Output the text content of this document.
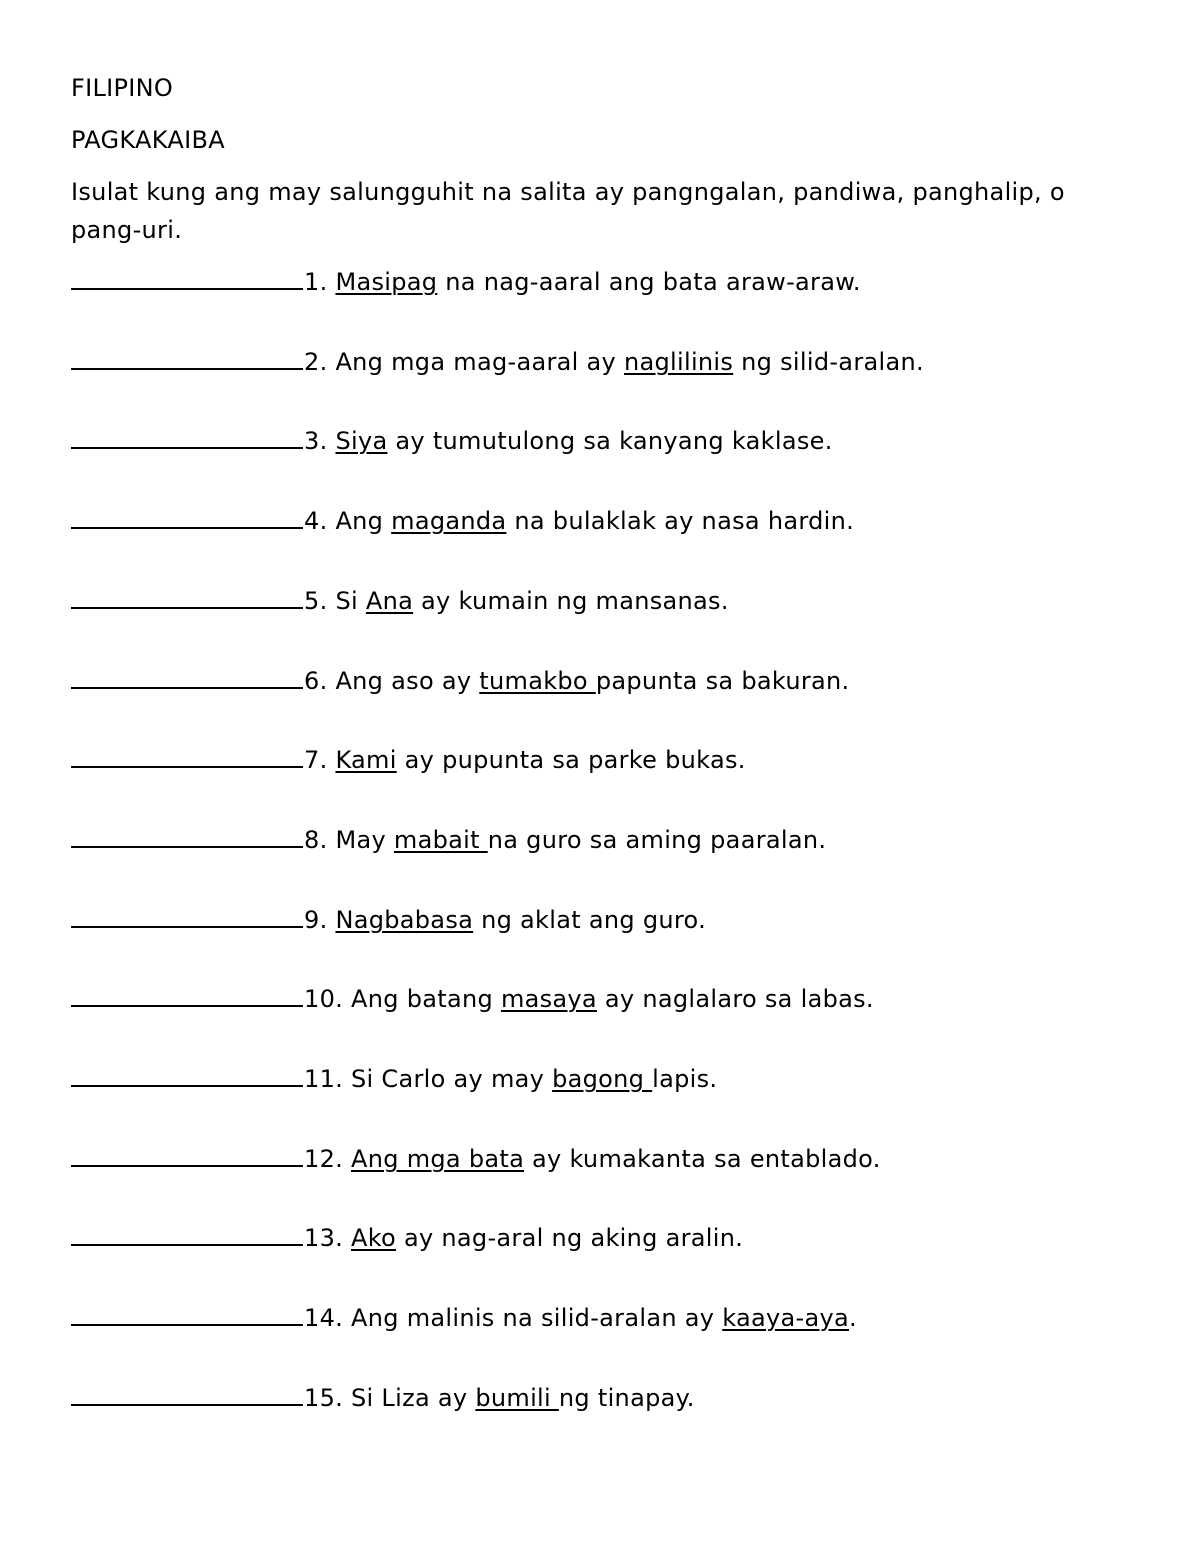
FILIPINO
PAGKAKAIBA
Isulat kung ang may salungguhit na salita ay pangngalan, pandiwa, panghalip, o pang-uri.
1. Masipag na nag-aaral ang bata araw-araw.
2. Ang mga mag-aaral ay naglilinis ng silid-aralan.
3. Siya ay tumutulong sa kanyang kaklase.
4. Ang maganda na bulaklak ay nasa hardin.
5. Si Ana ay kumain ng mansanas.
6. Ang aso ay tumakbo papunta sa bakuran.
7. Kami ay pupunta sa parke bukas.
8. May mabait na guro sa aming paaralan.
9. Nagbabasa ng aklat ang guro.
10. Ang batang masaya ay naglalaro sa labas.
11. Si Carlo ay may bagong lapis.
12. Ang mga bata ay kumakanta sa entablado.
13. Ako ay nag-aral ng aking aralin.
14. Ang malinis na silid-aralan ay kaaya-aya.
15. Si Liza ay bumili ng tinapay.
